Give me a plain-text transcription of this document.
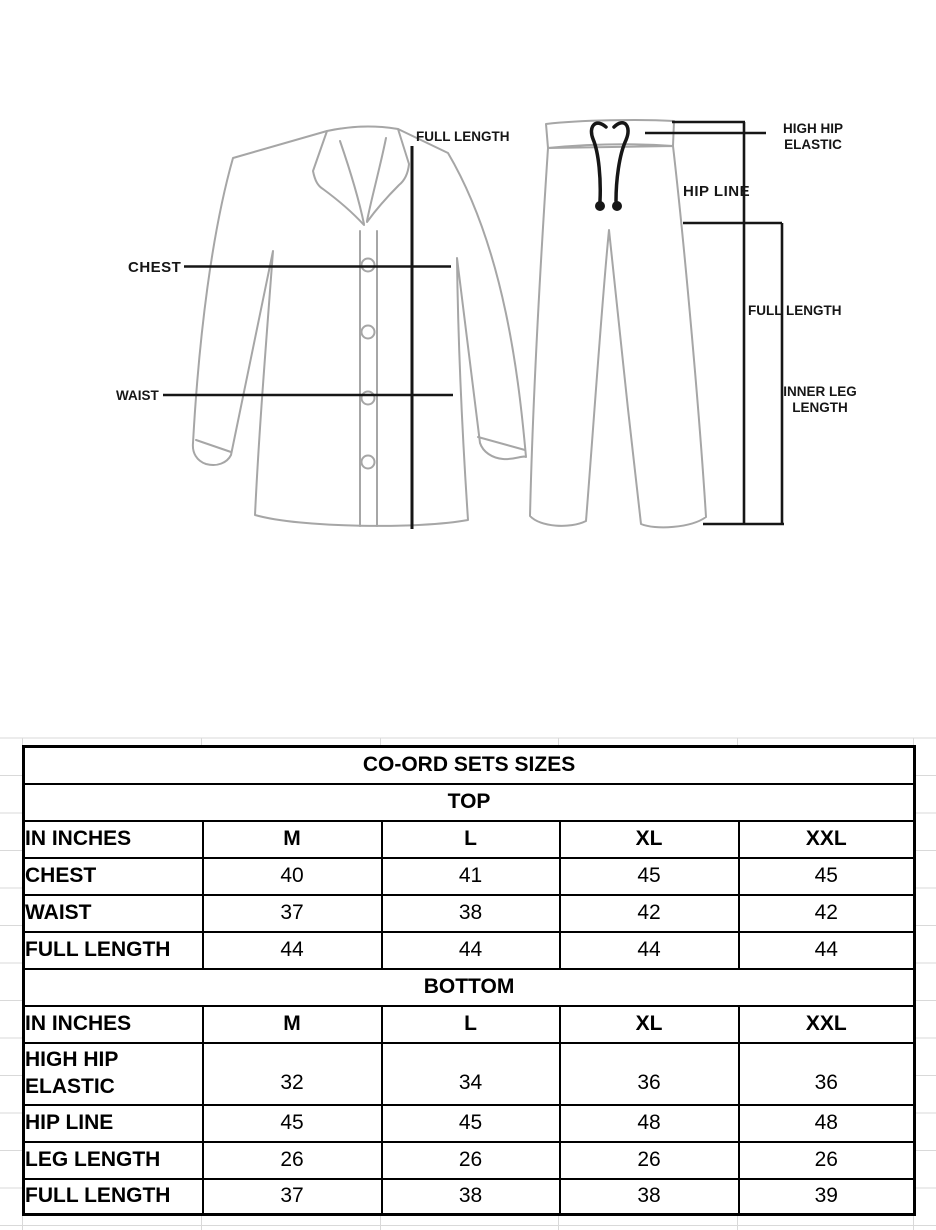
FULL LENGTH
CHEST
WAIST
HIGH HIP
ELASTIC
HIP LINE
FULL LENGTH
INNER LEG
LENGTH
CO-ORD SETS SIZES				
TOP				
IN INCHES	M	L	XL	XXL
CHEST	40	41	45	45
WAIST	37	38	42	42
FULL LENGTH	44	44	44	44
BOTTOM				
IN INCHES	M	L	XL	XXL
HIGH HIP ELASTIC	32	34	36	36
HIP LINE	45	45	48	48
LEG LENGTH	26	26	26	26
FULL LENGTH	37	38	38	39
